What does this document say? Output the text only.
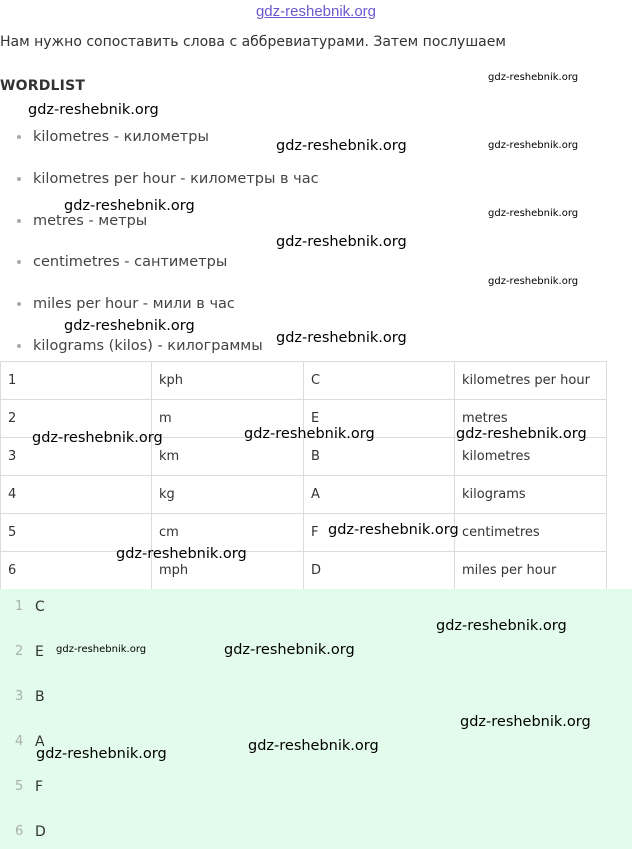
gdz-reshebnik.org
Нам нужно сопоставить слова с аббревиатурами. Затем послушаем
WORDLIST
kilometres - километры
kilometres per hour - километры в час
metres - метры
centimetres - сантиметры
miles per hour - мили в час
kilograms (kilos) - килограммы
1	kph	C	kilometres per hour
2	m	E	metres
3	km	B	kilometres
4	kg	A	kilograms
5	cm	F	centimetres
6	mph	D	miles per hour
1 C
2 E
3 B
4 A
5 F
6 D
gdz-reshebnik.org
gdz-reshebnik.org
gdz-reshebnik.org	gdz-reshebnik.org
gdz-reshebnik.org	gdz-reshebnik.org
gdz-reshebnik.org
gdz-reshebnik.org
gdz-reshebnik.org
gdz-reshebnik.org
gdz-reshebnik.org	gdz-reshebnik.org	gdz-reshebnik.org
gdz-reshebnik.org
gdz-reshebnik.org
gdz-reshebnik.org
gdz-reshebnik.org	gdz-reshebnik.org
gdz-reshebnik.org
gdz-reshebnik.org
gdz-reshebnik.org
